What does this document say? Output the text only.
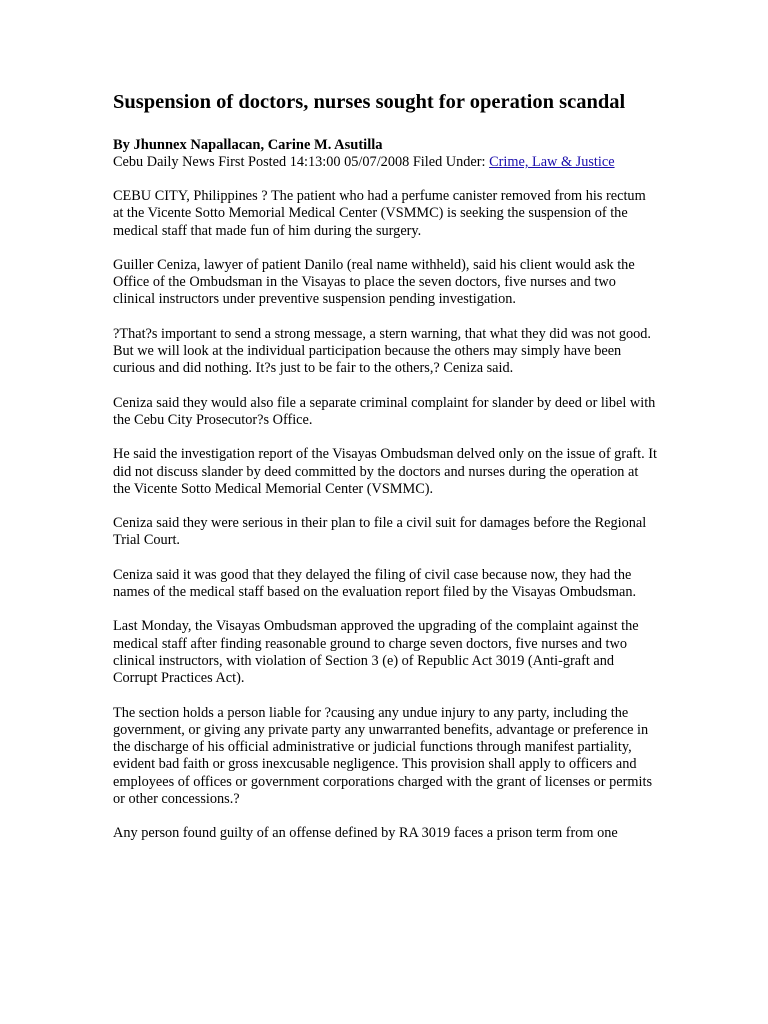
Suspension of doctors, nurses sought for operation scandal

By Jhunnex Napallacan, Carine M. Asutilla

Cebu Daily News First Posted 14:13:00 05/07/2008 Filed Under: Crime, Law & Justice

CEBU CITY, Philippines ? The patient who had a perfume canister removed from his rectum at the Vicente Sotto Memorial Medical Center (VSMMC) is seeking the suspension of the medical staff that made fun of him during the surgery.

Guiller Ceniza, lawyer of patient Danilo (real name withheld), said his client would ask the Office of the Ombudsman in the Visayas to place the seven doctors, five nurses and two clinical instructors under preventive suspension pending investigation.

?That?s important to send a strong message, a stern warning, that what they did was not good. But we will look at the individual participation because the others may simply have been curious and did nothing. It?s just to be fair to the others,? Ceniza said.

Ceniza said they would also file a separate criminal complaint for slander by deed or libel with the Cebu City Prosecutor?s Office.

He said the investigation report of the Visayas Ombudsman delved only on the issue of graft. It did not discuss slander by deed committed by the doctors and nurses during the operation at the Vicente Sotto Medical Memorial Center (VSMMC).

Ceniza said they were serious in their plan to file a civil suit for damages before the Regional Trial Court.

Ceniza said it was good that they delayed the filing of civil case because now, they had the names of the medical staff based on the evaluation report filed by the Visayas Ombudsman.

Last Monday, the Visayas Ombudsman approved the upgrading of the complaint against the medical staff after finding reasonable ground to charge seven doctors, five nurses and two clinical instructors, with violation of Section 3 (e) of Republic Act 3019 (Anti-graft and Corrupt Practices Act).

The section holds a person liable for ?causing any undue injury to any party, including the government, or giving any private party any unwarranted benefits, advantage or preference in the discharge of his official administrative or judicial functions through manifest partiality, evident bad faith or gross inexcusable negligence. This provision shall apply to officers and employees of offices or government corporations charged with the grant of licenses or permits or other concessions.?

Any person found guilty of an offense defined by RA 3019 faces a prison term from one
